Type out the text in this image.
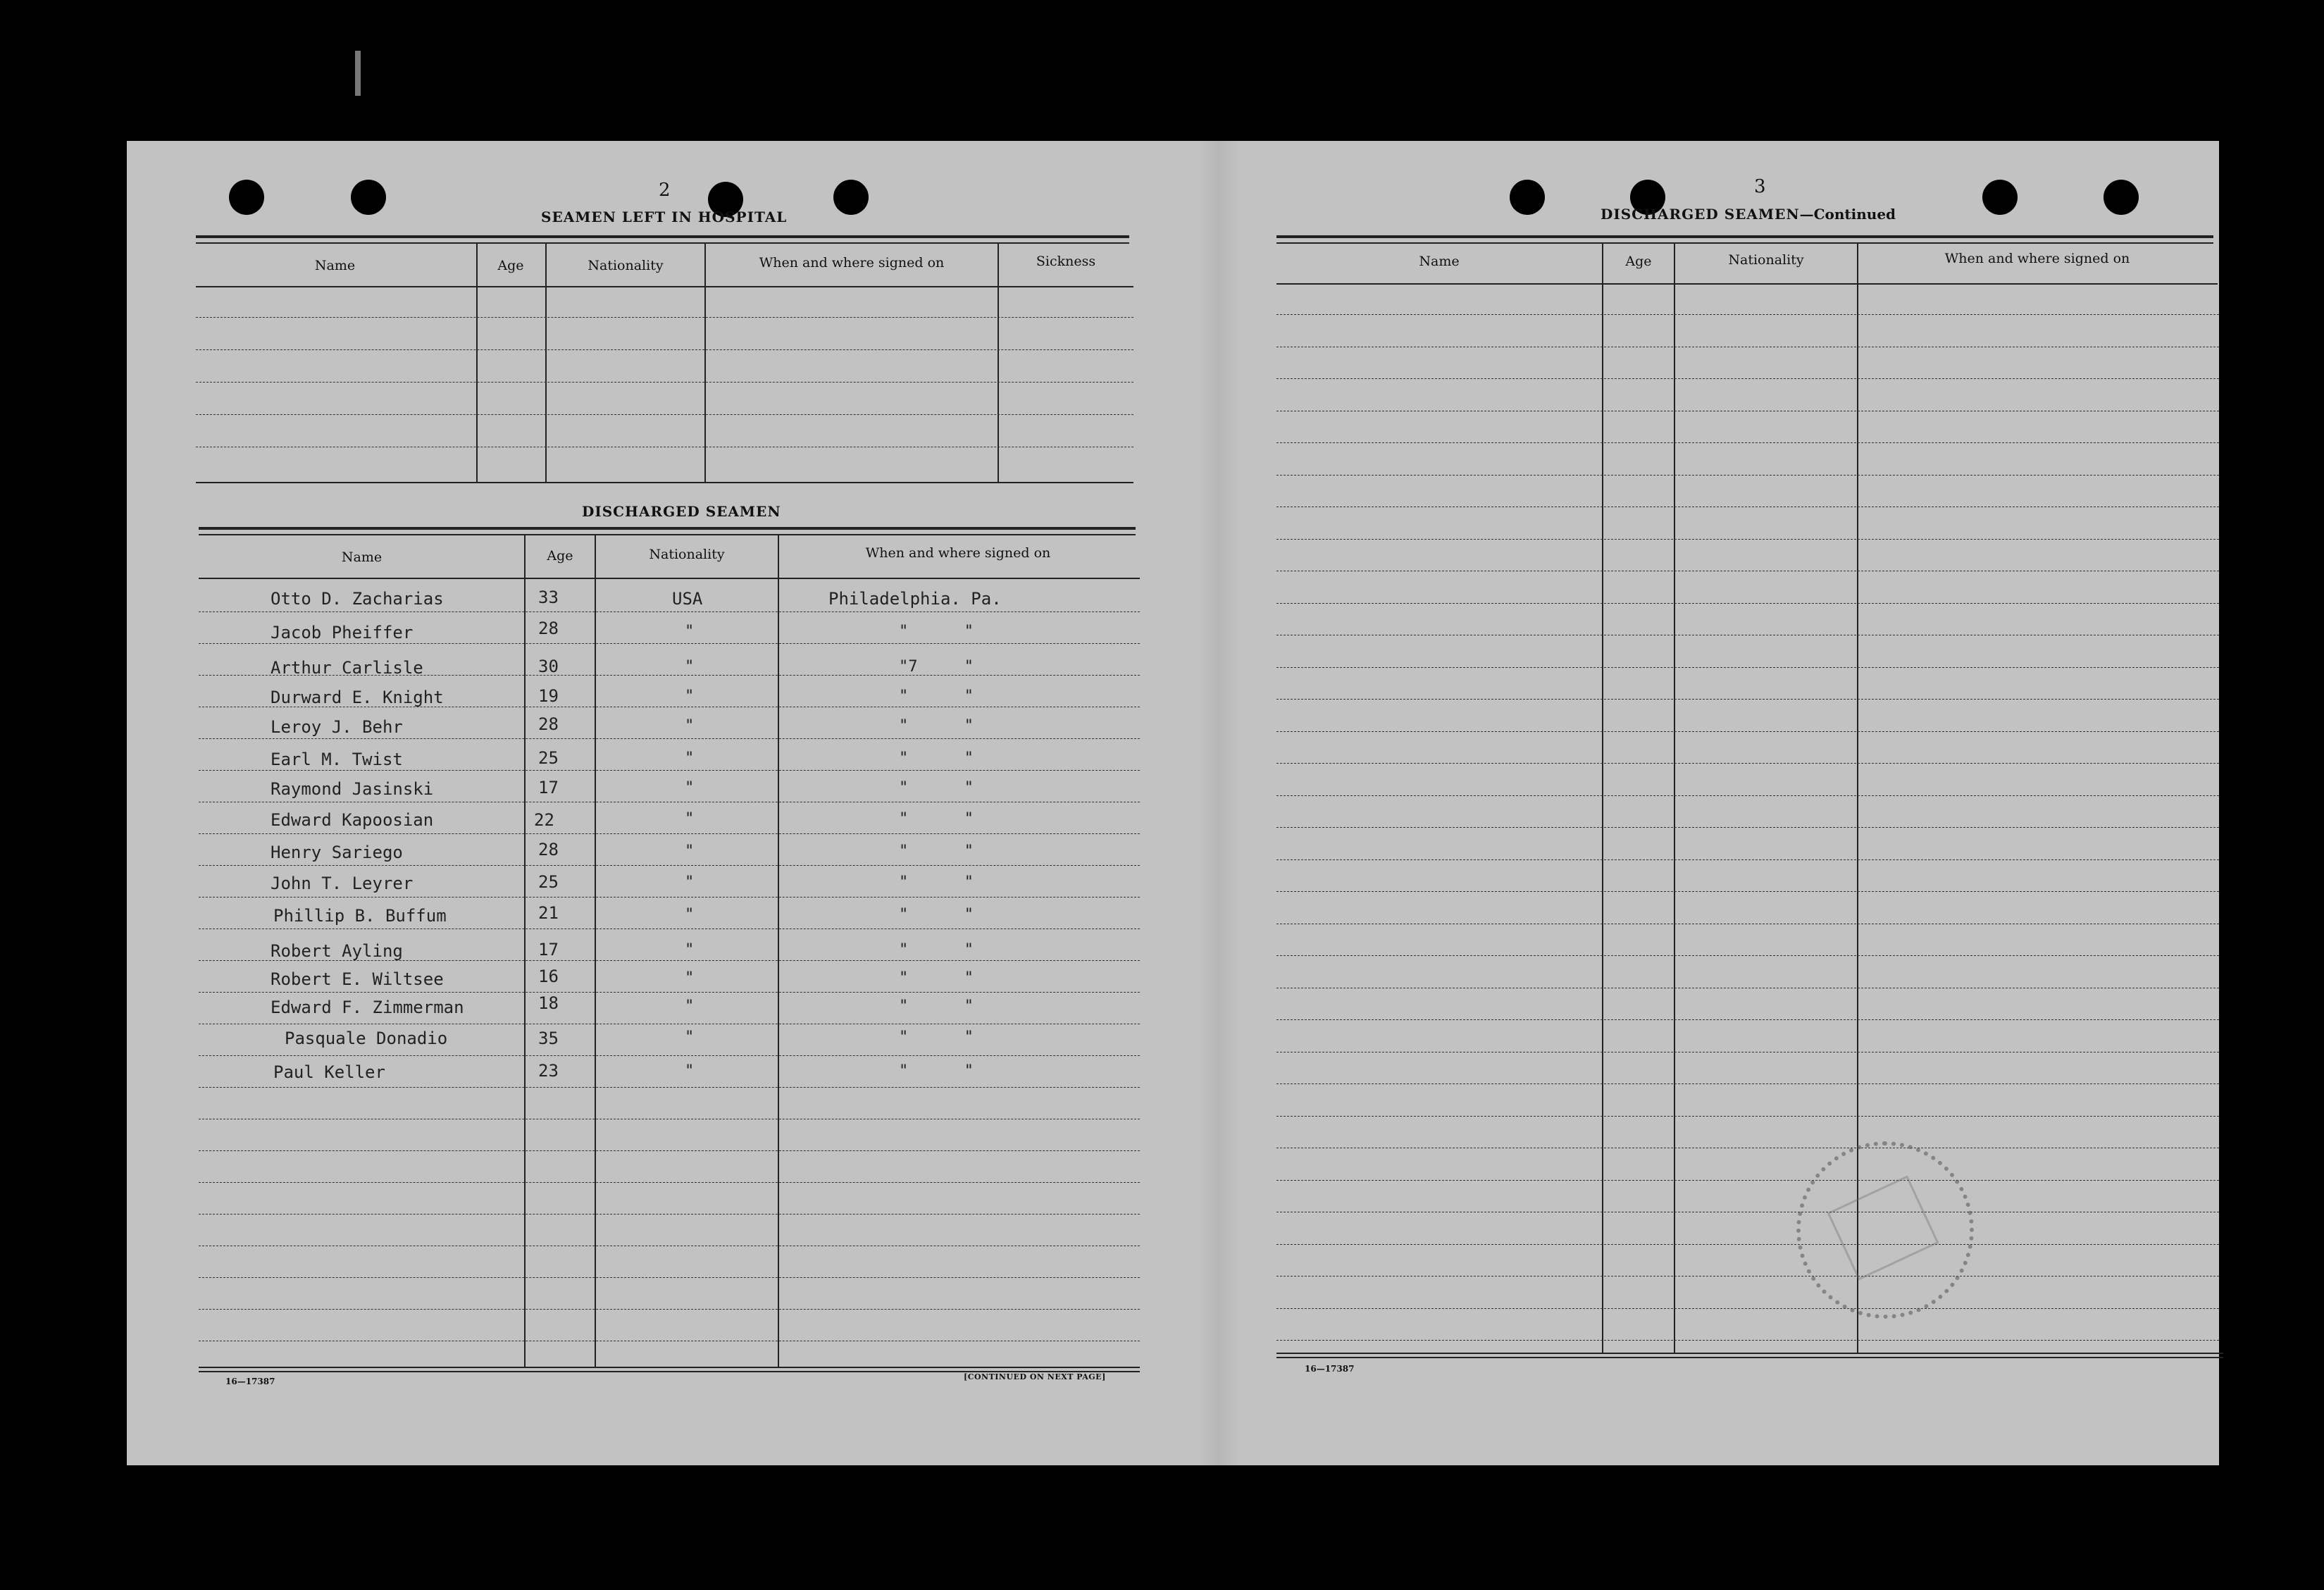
2
SEAMEN LEFT IN HOSPITAL
Name	Age	Nationality	When and where signed on	Sickness
DISCHARGED SEAMEN
Name	Age	Nationality	When and where signed on
Otto D. Zacharias	33	USA	Philadelphia. Pa.
Jacob Pheiffer	28	"	"      "
Arthur Carlisle	30	"	"7     "
Durward E. Knight	19	"	"      "
Leroy J. Behr	28	"	"      "
Earl M. Twist	25	"	"      "
Raymond Jasinski	17	"	"      "
Edward Kapoosian	22	"	"      "
Henry Sariego	28	"	"      "
John T. Leyrer	25	"	"      "
Phillip B. Buffum	21	"	"      "
Robert Ayling	17	"	"      "
Robert E. Wiltsee	16	"	"      "
Edward F. Zimmerman	18	"	"      "
Pasquale Donadio	35	"	"      "
Paul Keller	23	"	"      "
16—17387	[CONTINUED ON NEXT PAGE]
3
DISCHARGED SEAMEN—Continued
Name	Age	Nationality	When and where signed on
16—17387
